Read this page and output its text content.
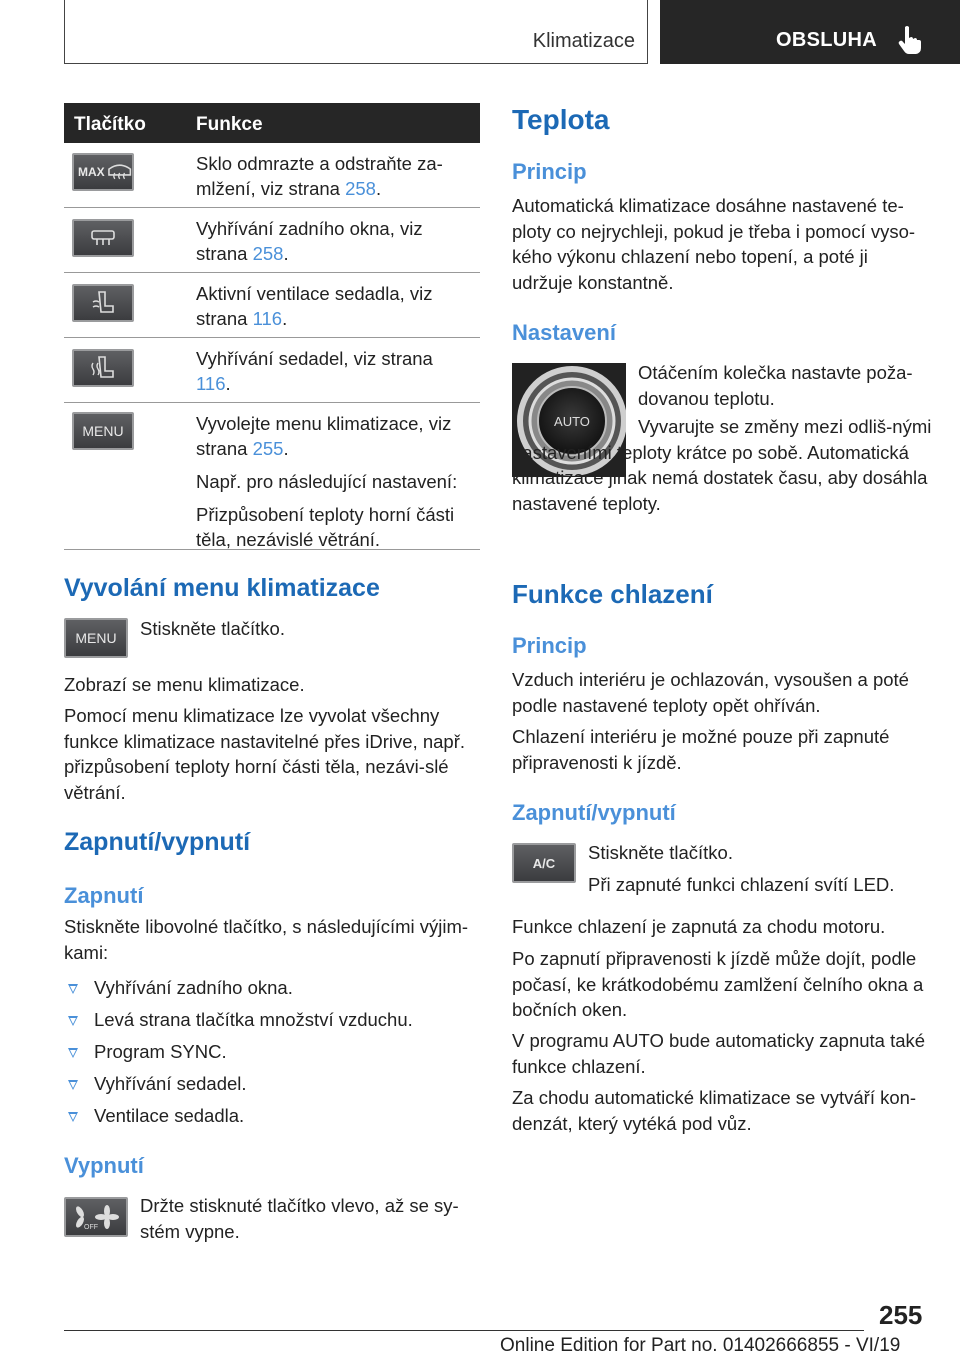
Klimatizace	OBSLUHA
Tlačítko	Funkce
MAX	Sklo odmrazte a odstraňte za-mlžení, viz strana 258.
Vyhřívání zadního okna, viz strana 258.
Aktivní ventilace sedadla, viz strana 116.
Vyhřívání sedadel, viz strana 116.
MENU	Vyvolejte menu klimatizace, viz strana 255.

Např. pro následující nastavení:

Přizpůsobení teploty horní části těla, nezávislé větrání.

Vyvolání menu klimatizace
MENU Stiskněte tlačítko.

Zobrazí se menu klimatizace.

Pomocí menu klimatizace lze vyvolat všechny funkce klimatizace nastavitelné přes iDrive, např. přizpůsobení teploty horní části těla, nezávi-slé větrání.

Zapnutí/vypnutí
Zapnutí

Stiskněte libovolné tlačítko, s následujícími výjim-kami:

Vyhřívání zadního okna.
Levá strana tlačítka množství vzduchu.
Program SYNC.
Vyhřívání sedadel.
Ventilace sedadla.
Vypnutí
OFF

Držte stisknuté tlačítko vlevo, až se sy-stém vypne.

Teplota
Princip

Automatická klimatizace dosáhne nastavené te-ploty co nejrychleji, pokud je třeba i pomocí vyso-kého výkonu chlazení nebo topení, a poté ji udržuje konstantně.

Nastavení
AUTO

Otáčením kolečka nastavte poža-dovanou teplotu.

Vyvarujte se změny mezi odliš-nými nastaveními teploty krátce po sobě. Automatická klimatizace jinak nemá dostatek času, aby dosáhla nastavené teploty.

Funkce chlazení
Princip

Vzduch interiéru je ochlazován, vysoušen a poté podle nastavené teploty opět ohříván.

Chlazení interiéru je možné pouze při zapnuté připravenosti k jízdě.

Zapnutí/vypnutí
A/C Stiskněte tlačítko.

Při zapnuté funkci chlazení svítí LED.

Funkce chlazení je zapnutá za chodu motoru.

Po zapnutí připravenosti k jízdě může dojít, podle počasí, ke krátkodobému zamlžení čelního okna a bočních oken.

V programu AUTO bude automaticky zapnuta také funkce chlazení.

Za chodu automatické klimatizace se vytváří kon-denzát, který vytéká pod vůz.

255
Online Edition for Part no. 01402666855 - VI/19
